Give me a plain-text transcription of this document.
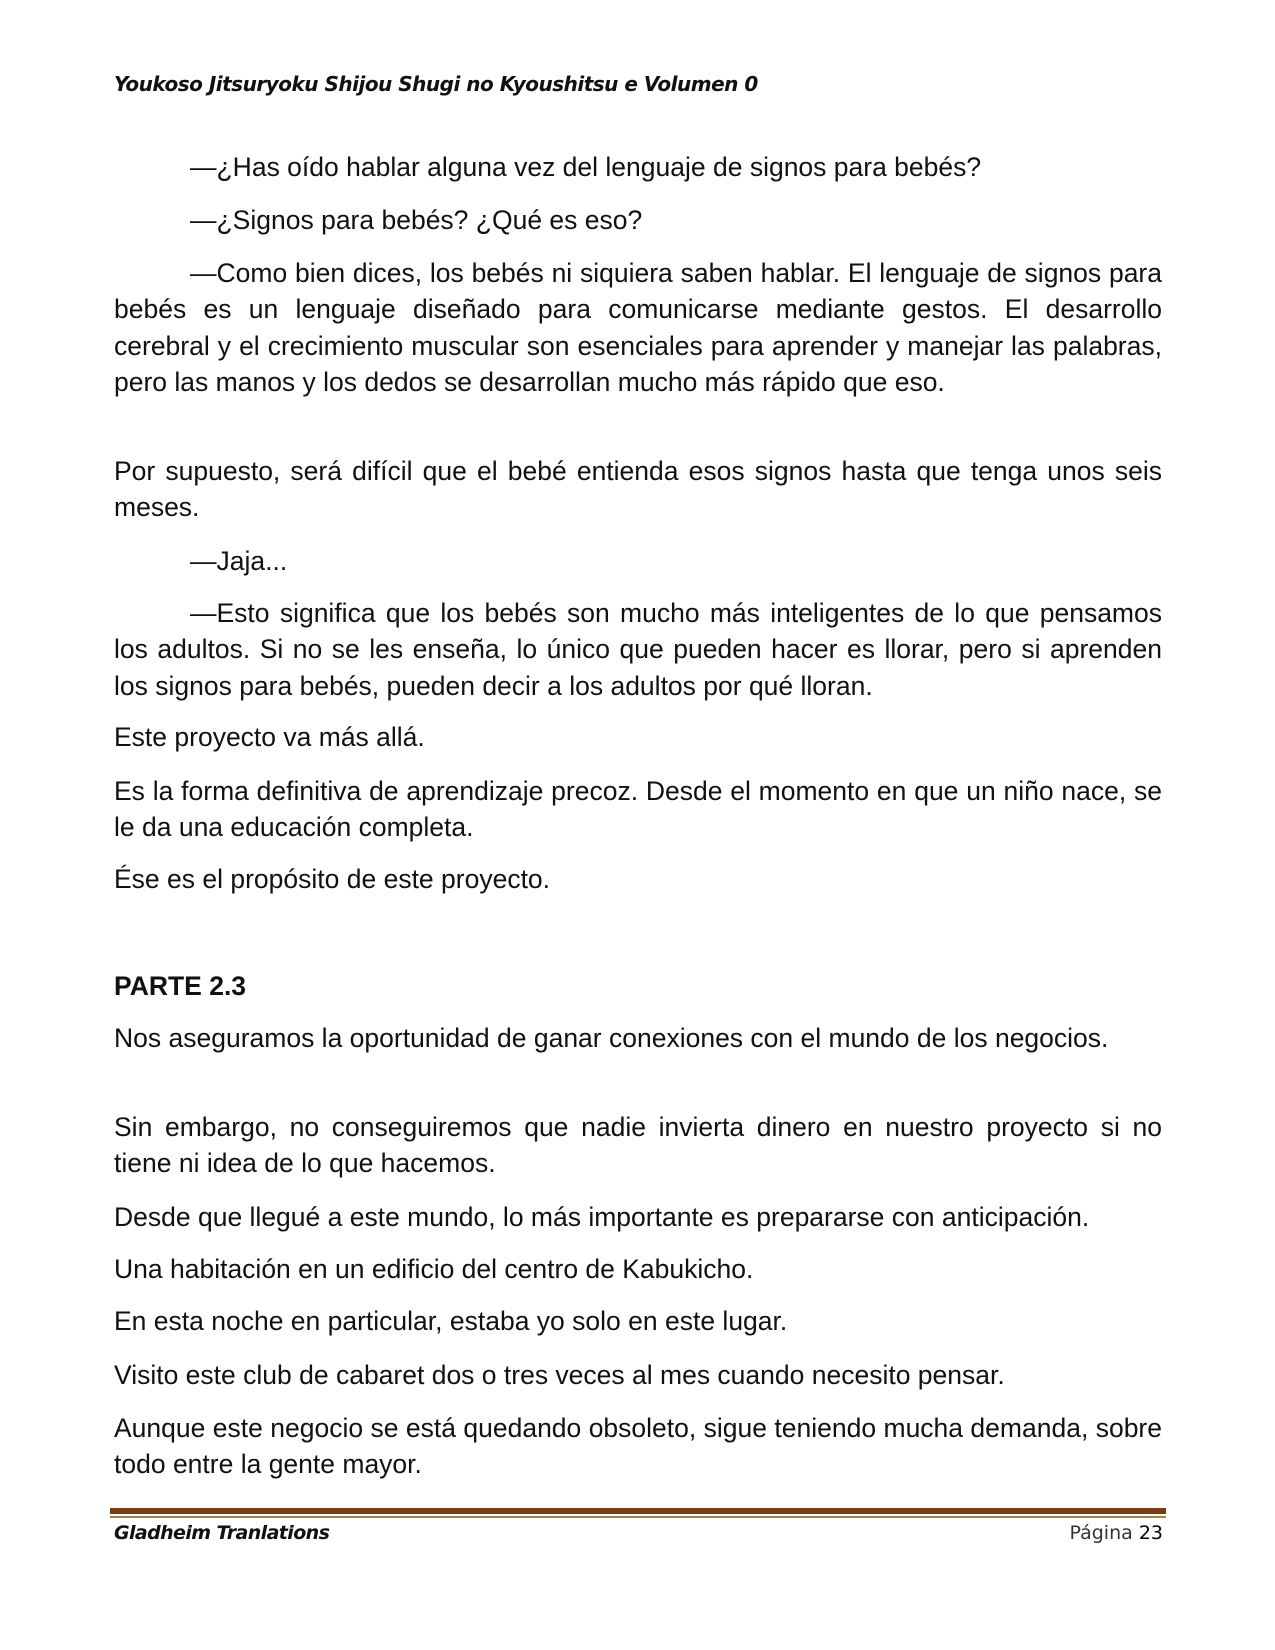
Youkoso Jitsuryoku Shijou Shugi no Kyoushitsu e Volumen 0

—¿Has oído hablar alguna vez del lenguaje de signos para bebés?

—¿Signos para bebés? ¿Qué es eso?

—Como bien dices, los bebés ni siquiera saben hablar. El lenguaje de signos para bebés es un lenguaje diseñado para comunicarse mediante gestos. El desarrollo cerebral y el crecimiento muscular son esenciales para aprender y manejar las palabras, pero las manos y los dedos se desarrollan mucho más rápido que eso.

Por supuesto, será difícil que el bebé entienda esos signos hasta que tenga unos seis meses.

—Jaja...

—Esto significa que los bebés son mucho más inteligentes de lo que pensamos los adultos. Si no se les enseña, lo único que pueden hacer es llorar, pero si aprenden los signos para bebés, pueden decir a los adultos por qué lloran.

Este proyecto va más allá.

Es la forma definitiva de aprendizaje precoz. Desde el momento en que un niño nace, se le da una educación completa.

Ése es el propósito de este proyecto.

PARTE 2.3

Nos aseguramos la oportunidad de ganar conexiones con el mundo de los negocios.

Sin embargo, no conseguiremos que nadie invierta dinero en nuestro proyecto si no tiene ni idea de lo que hacemos.

Desde que llegué a este mundo, lo más importante es prepararse con anticipación.

Una habitación en un edificio del centro de Kabukicho.

En esta noche en particular, estaba yo solo en este lugar.

Visito este club de cabaret dos o tres veces al mes cuando necesito pensar.

Aunque este negocio se está quedando obsoleto, sigue teniendo mucha demanda, sobre todo entre la gente mayor.

Gladheim Tranlations	Página 23
